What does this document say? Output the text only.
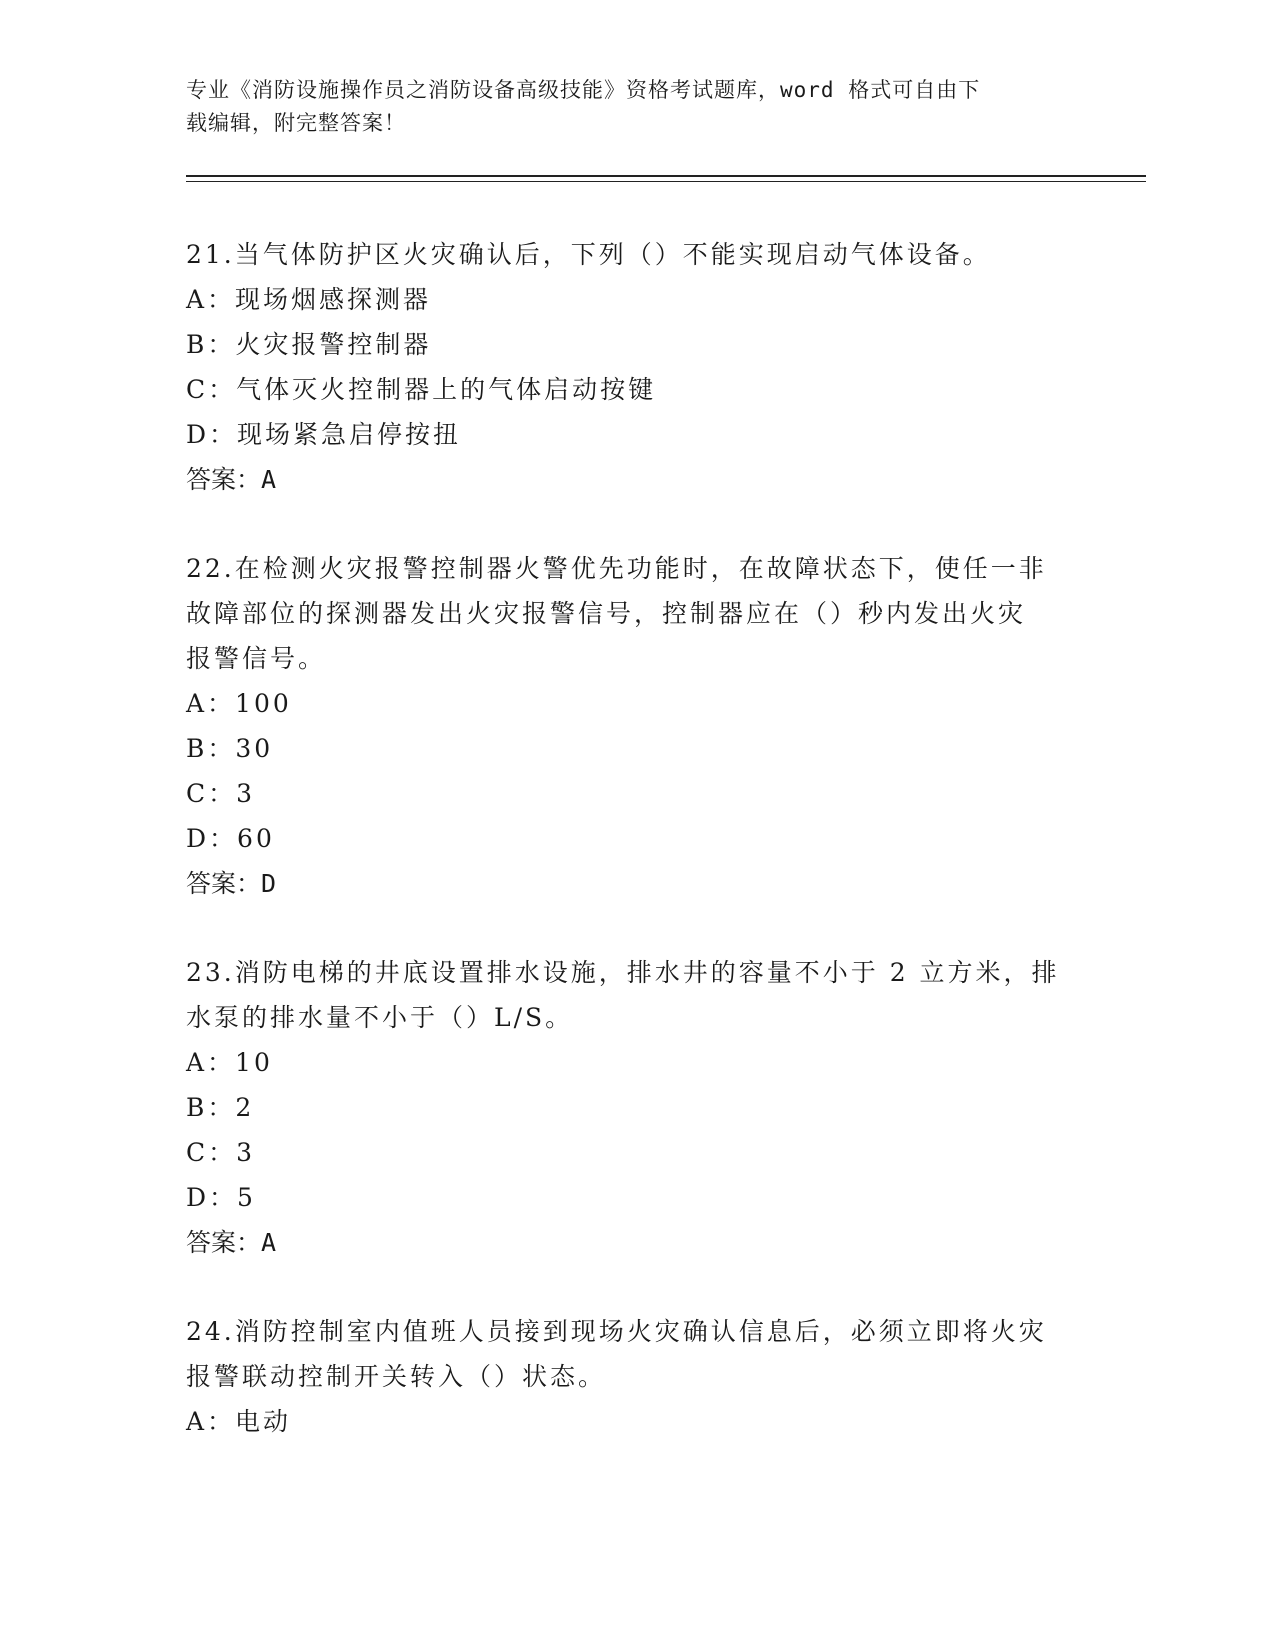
专业《消防设施操作员之消防设备高级技能》资格考试题库，word 格式可自由下
载编辑，附完整答案！
21.当气体防护区火灾确认后，下列（）不能实现启动气体设备。
A：现场烟感探测器
B：火灾报警控制器
C：气体灭火控制器上的气体启动按键
D：现场紧急启停按扭
答案：A
22.在检测火灾报警控制器火警优先功能时，在故障状态下，使任一非
故障部位的探测器发出火灾报警信号，控制器应在（）秒内发出火灾
报警信号。
A：100
B：30
C：3
D：60
答案：D
23.消防电梯的井底设置排水设施，排水井的容量不小于 2 立方米，排
水泵的排水量不小于（）L/S。
A：10
B：2
C：3
D：5
答案：A
24.消防控制室内值班人员接到现场火灾确认信息后，必须立即将火灾
报警联动控制开关转入（）状态。
A：电动
